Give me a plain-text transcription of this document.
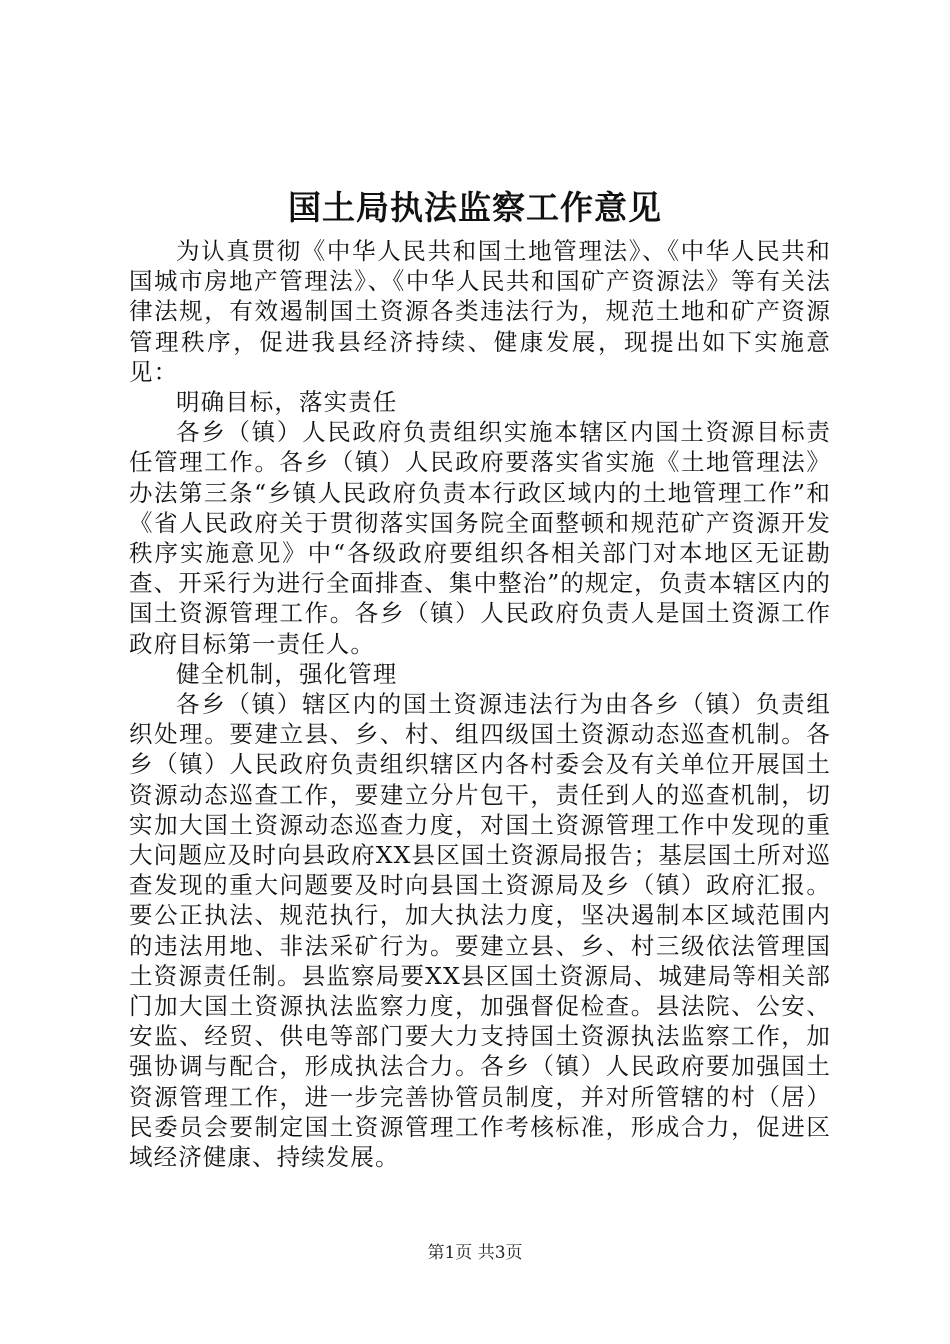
国土局执法监察工作意见

为认真贯彻《中华人民共和国土地管理法》、《中华人民共和国城市房地产管理法》、《中华人民共和国矿产资源法》等有关法律法规，有效遏制国土资源各类违法行为，规范土地和矿产资源管理秩序，促进我县经济持续、健康发展，现提出如下实施意见：

明确目标，落实责任

各乡（镇）人民政府负责组织实施本辖区内国土资源目标责任管理工作。各乡（镇）人民政府要落实省实施《土地管理法》办法第三条“乡镇人民政府负责本行政区域内的土地管理工作”和《省人民政府关于贯彻落实国务院全面整顿和规范矿产资源开发秩序实施意见》中“各级政府要组织各相关部门对本地区无证勘查、开采行为进行全面排查、集中整治”的规定，负责本辖区内的国土资源管理工作。各乡（镇）人民政府负责人是国土资源工作政府目标第一责任人。

健全机制，强化管理

各乡（镇）辖区内的国土资源违法行为由各乡（镇）负责组织处理。要建立县、乡、村、组四级国土资源动态巡查机制。各乡（镇）人民政府负责组织辖区内各村委会及有关单位开展国土资源动态巡查工作，要建立分片包干，责任到人的巡查机制，切实加大国土资源动态巡查力度，对国土资源管理工作中发现的重大问题应及时向县政府XX县区国土资源局报告；基层国土所对巡查发现的重大问题要及时向县国土资源局及乡（镇）政府汇报。要公正执法、规范执行，加大执法力度，坚决遏制本区域范围内的违法用地、非法采矿行为。要建立县、乡、村三级依法管理国土资源责任制。县监察局要XX县区国土资源局、城建局等相关部门加大国土资源执法监察力度，加强督促检查。县法院、公安、安监、经贸、供电等部门要大力支持国土资源执法监察工作，加强协调与配合，形成执法合力。各乡（镇）人民政府要加强国土资源管理工作，进一步完善协管员制度，并对所管辖的村（居）民委员会要制定国土资源管理工作考核标准，形成合力，促进区域经济健康、持续发展。

第1页 共3页
